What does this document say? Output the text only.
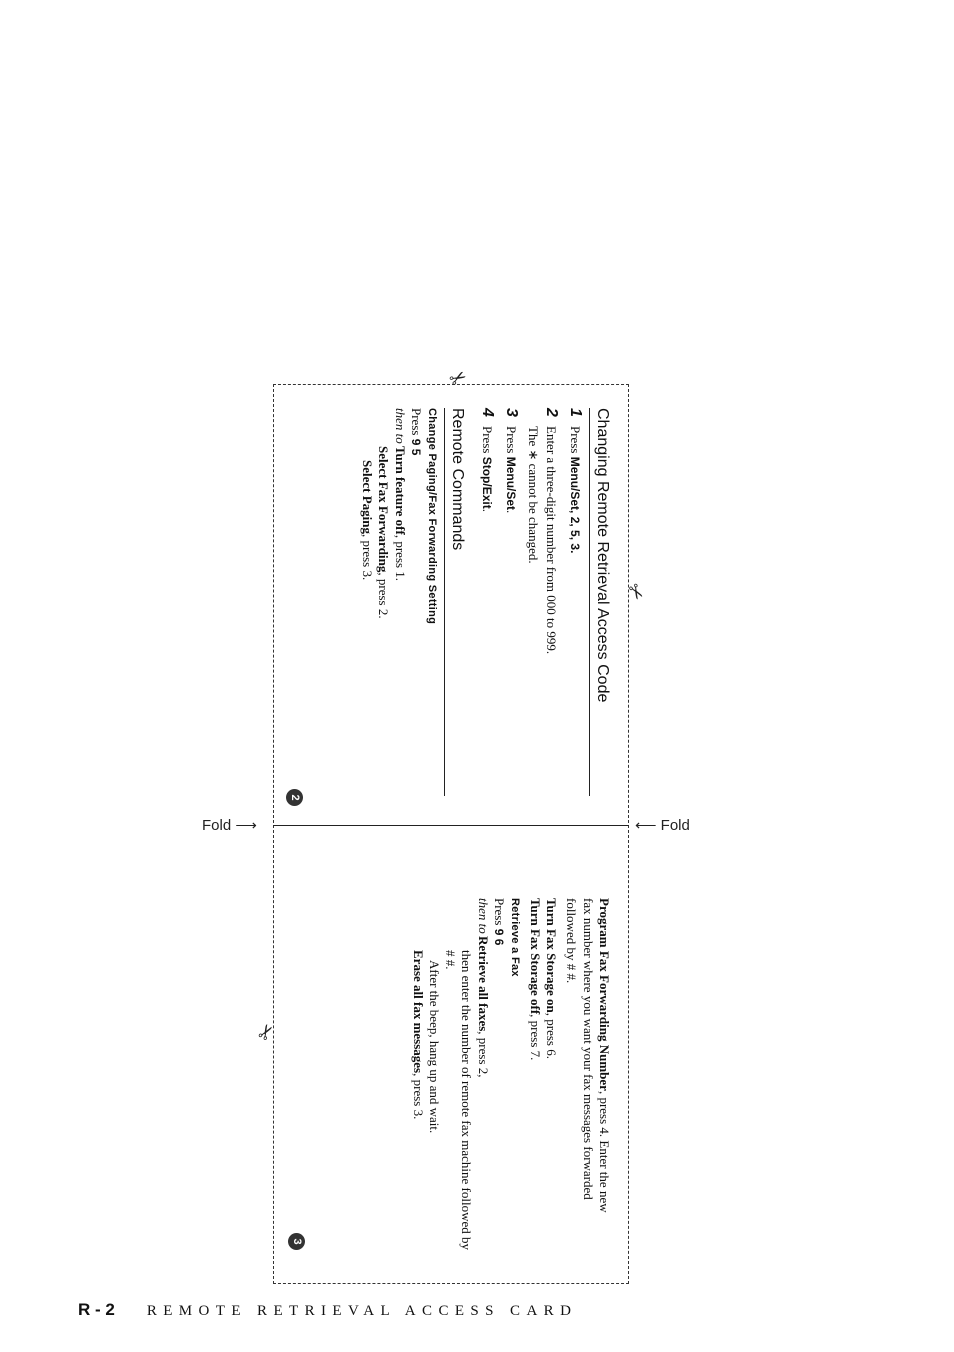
Fold ⟶	⟵ Fold
✂
✂
✂
2
3
Changing Remote Retrieval Access Code
1
Press Menu/Set, 2, 5, 3.
2
Enter a three-digit number from 000 to 999.
The ∗ cannot be changed.
3
Press Menu/Set.
4
Press Stop/Exit.
Remote Commands
Change Paging/Fax Forwarding Setting
Press 9 5
then toTurn feature off, press 1.
Select Fax Forwarding, press 2.
Select Paging, press 3.
Program Fax Forwarding Number, press 4. Enter the new fax number where you want your fax messages forwarded followed by # #.
Turn Fax Storage on, press 6.
Turn Fax Storage off, press 7.
Retrieve a Fax
Press 9 6
then toRetrieve all faxes, press 2,
then enter the number of remote fax machine followed by # #.
After the beep, hang up and wait.
Erase all fax messages, press 3.
R - 2 REMOTE RETRIEVAL ACCESS CARD
